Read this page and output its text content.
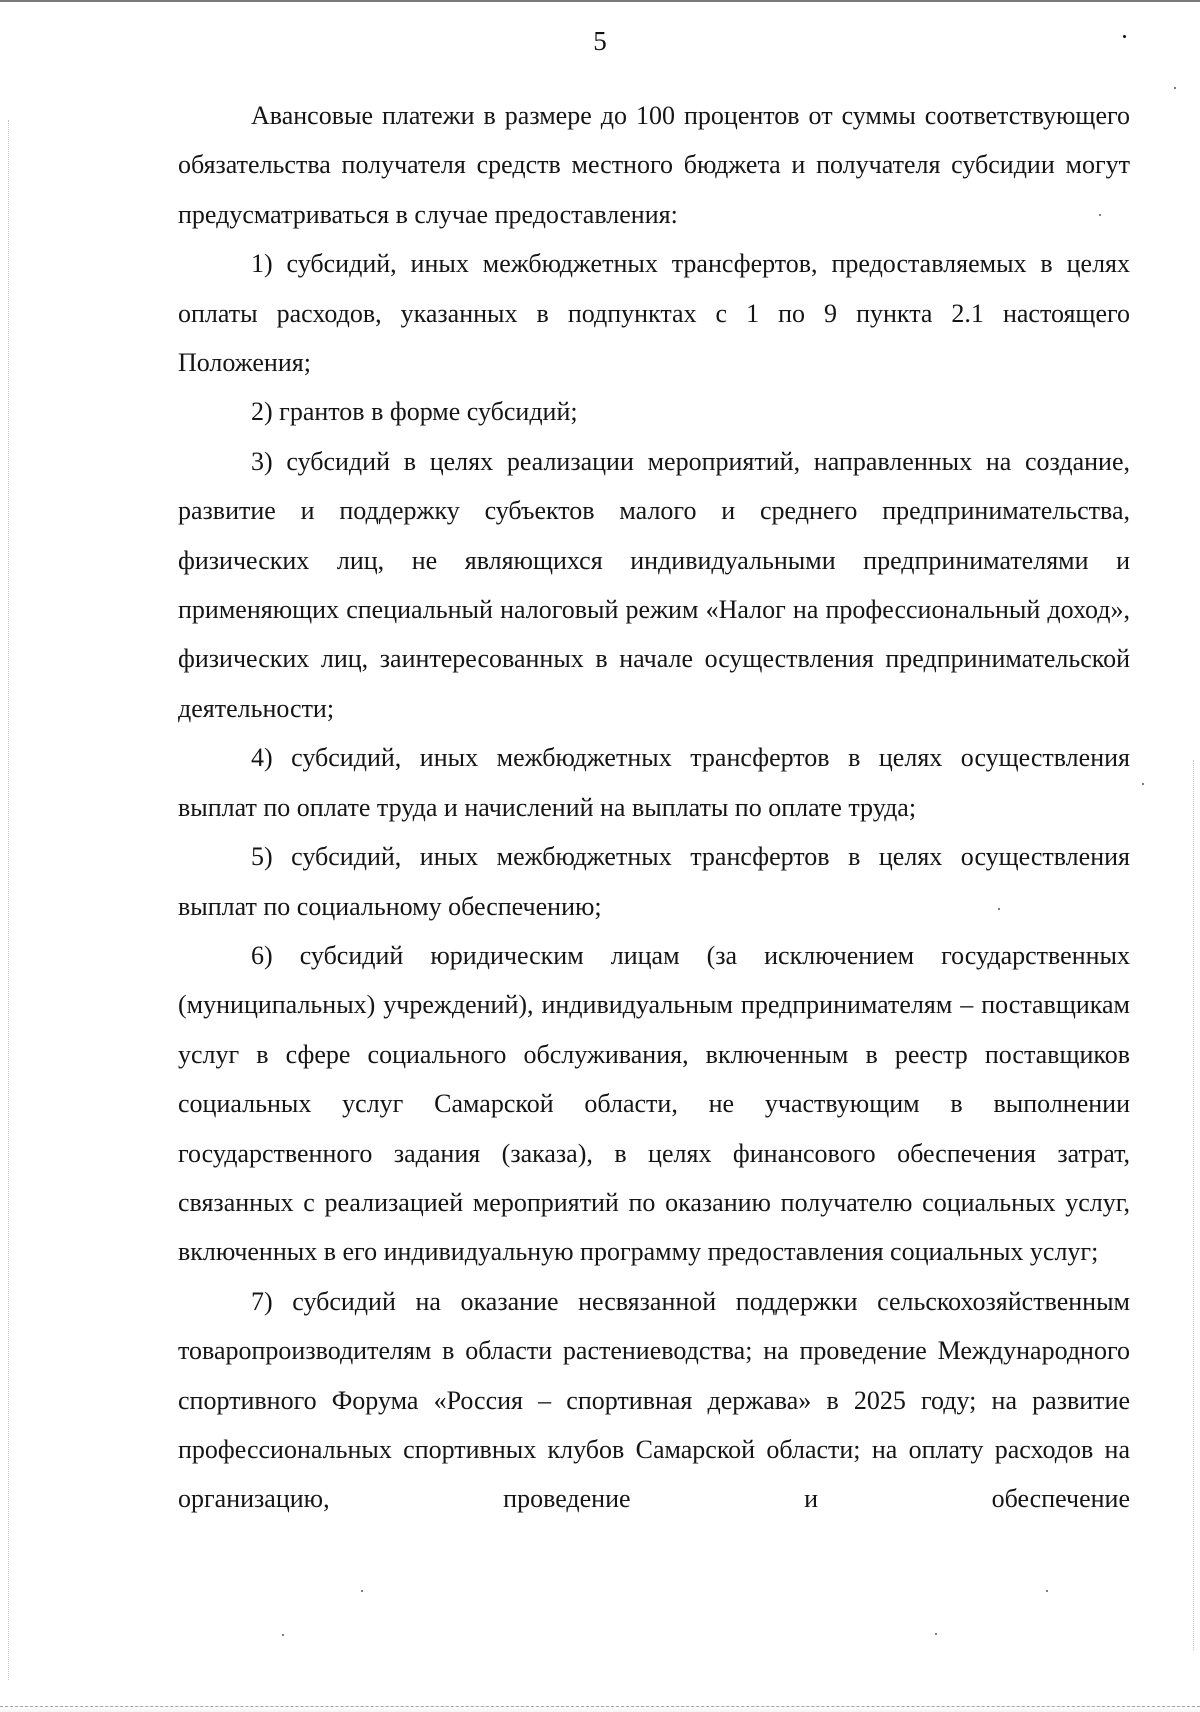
5

Авансовые платежи в размере до 100 процентов от суммы соответствующего обязательства получателя средств местного бюджета и получателя субсидии могут предусматриваться в случае предоставления:

1) субсидий, иных межбюджетных трансфертов, предоставляемых в целях оплаты расходов, указанных в подпунктах с 1 по 9 пункта 2.1 настоящего Положения;

2) грантов в форме субсидий;

3) субсидий в целях реализации мероприятий, направленных на создание, развитие и поддержку субъектов малого и среднего предпринимательства, физических лиц, не являющихся индивидуальными предпринимателями и применяющих специальный налоговый режим «Налог на профессиональный доход», физических лиц, заинтересованных в начале осуществления предпринимательской деятельности;

4) субсидий, иных межбюджетных трансфертов в целях осуществления выплат по оплате труда и начислений на выплаты по оплате труда;

5) субсидий, иных межбюджетных трансфертов в целях осуществления выплат по социальному обеспечению;

6) субсидий юридическим лицам (за исключением государственных (муниципальных) учреждений), индивидуальным предпринимателям – поставщикам услуг в сфере социального обслуживания, включенным в реестр поставщиков социальных услуг Самарской области, не участвующим в выполнении государственного задания (заказа), в целях финансового обеспечения затрат, связанных с реализацией мероприятий по оказанию получателю социальных услуг, включенных в его индивидуальную программу предоставления социальных услуг;

7) субсидий на оказание несвязанной поддержки сельскохозяйственным товаропроизводителям в области растениеводства; на проведение Международного спортивного Форума «Россия – спортивная держава» в 2025 году; на развитие профессиональных спортивных клубов Самарской области; на оплату расходов на организацию, проведение и обеспечение
